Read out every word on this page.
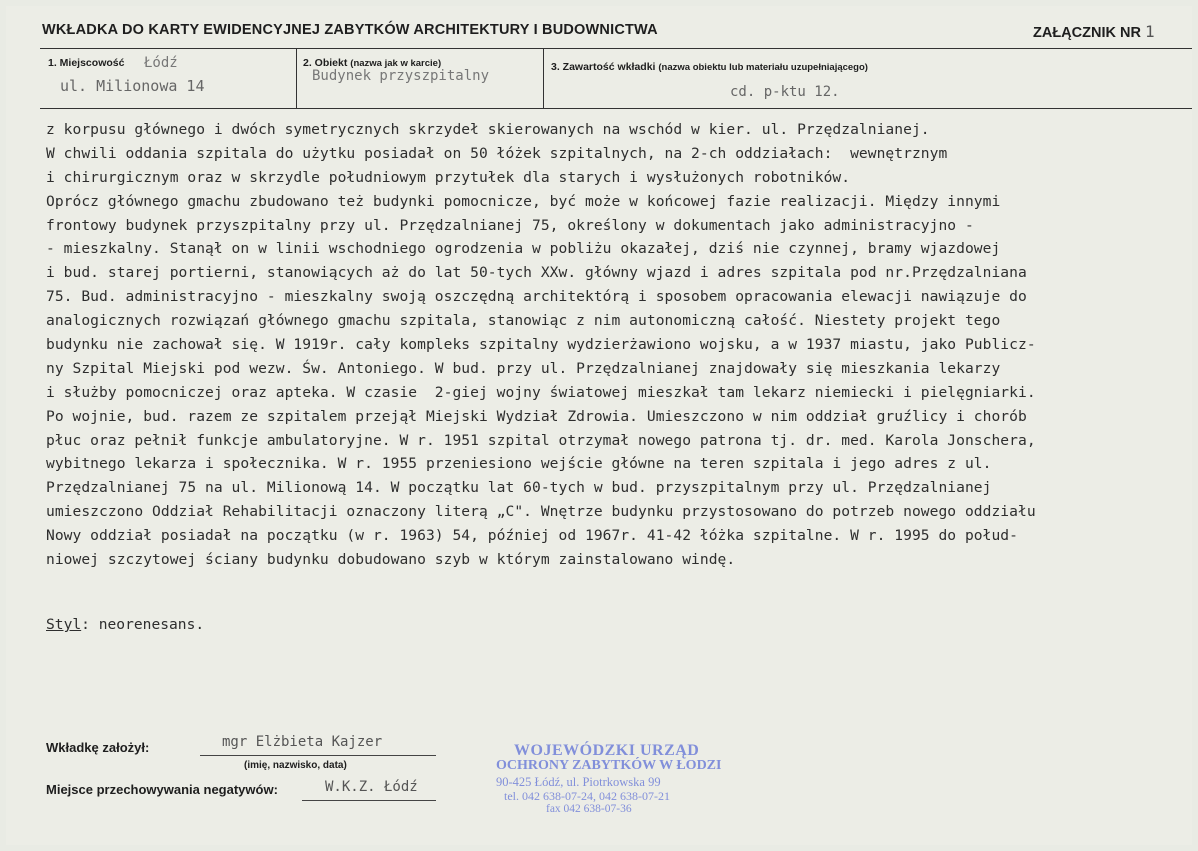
WKŁADKA DO KARTY EWIDENCYJNEJ ZABYTKÓW ARCHITEKTURY I BUDOWNICTWA	ZAŁĄCZNIK NR 1
1. Miejscowość Łódź
ul. Milionowa 14
2. Obiekt (nazwa jak w karcie)
Budynek przyszpitalny
3. Zawartość wkładki (nazwa obiektu lub materiału uzupełniającego)
cd. p-ktu 12.
z korpusu głównego i dwóch symetrycznych skrzydeł skierowanych na wschód w kier. ul. Przędzalnianej.
W chwili oddania szpitala do użytku posiadał on 50 łóżek szpitalnych, na 2-ch oddziałach:  wewnętrznym
i chirurgicznym oraz w skrzydle południowym przytułek dla starych i wysłużonych robotników.
Oprócz głównego gmachu zbudowano też budynki pomocnicze, być może w końcowej fazie realizacji. Między innymi
frontowy budynek przyszpitalny przy ul. Przędzalnianej 75, określony w dokumentach jako administracyjno -
- mieszkalny. Stanął on w linii wschodniego ogrodzenia w pobliżu okazałej, dziś nie czynnej, bramy wjazdowej
i bud. starej portierni, stanowiących aż do lat 50-tych XXw. główny wjazd i adres szpitala pod nr.Przędzalniana
75. Bud. administracyjno - mieszkalny swoją oszczędną architektórą i sposobem opracowania elewacji nawiązuje do
analogicznych rozwiązań głównego gmachu szpitala, stanowiąc z nim autonomiczną całość. Niestety projekt tego
budynku nie zachował się. W 1919r. cały kompleks szpitalny wydzierżawiono wojsku, a w 1937 miastu, jako Publicz-
ny Szpital Miejski pod wezw. Św. Antoniego. W bud. przy ul. Przędzalnianej znajdowały się mieszkania lekarzy
i służby pomocniczej oraz apteka. W czasie  2-giej wojny światowej mieszkał tam lekarz niemiecki i pielęgniarki.
Po wojnie, bud. razem ze szpitalem przejął Miejski Wydział Zdrowia. Umieszczono w nim oddział gruźlicy i chorób
płuc oraz pełnił funkcje ambulatoryjne. W r. 1951 szpital otrzymał nowego patrona tj. dr. med. Karola Jonschera,
wybitnego lekarza i społecznika. W r. 1955 przeniesiono wejście główne na teren szpitala i jego adres z ul.
Przędzalnianej 75 na ul. Milionową 14. W początku lat 60-tych w bud. przyszpitalnym przy ul. Przędzalnianej
umieszczono Oddział Rehabilitacji oznaczony literą „C". Wnętrze budynku przystosowano do potrzeb nowego oddziału
Nowy oddział posiadał na początku (w r. 1963) 54, później od 1967r. 41-42 łóżka szpitalne. W r. 1995 do połud-
niowej szczytowej ściany budynku dobudowano szyb w którym zainstalowano windę.
Styl: neorenesans.
Wkładkę założył:	mgr Elżbieta Kajzer
(imię, nazwisko, data)
Miejsce przechowywania negatywów:	W.K.Z. Łódź
WOJEWÓDZKI URZĄD
OCHRONY ZABYTKÓW W ŁODZI
90-425 Łódź, ul. Piotrkowska 99
tel. 042 638-07-24, 042 638-07-21
fax 042 638-07-36
